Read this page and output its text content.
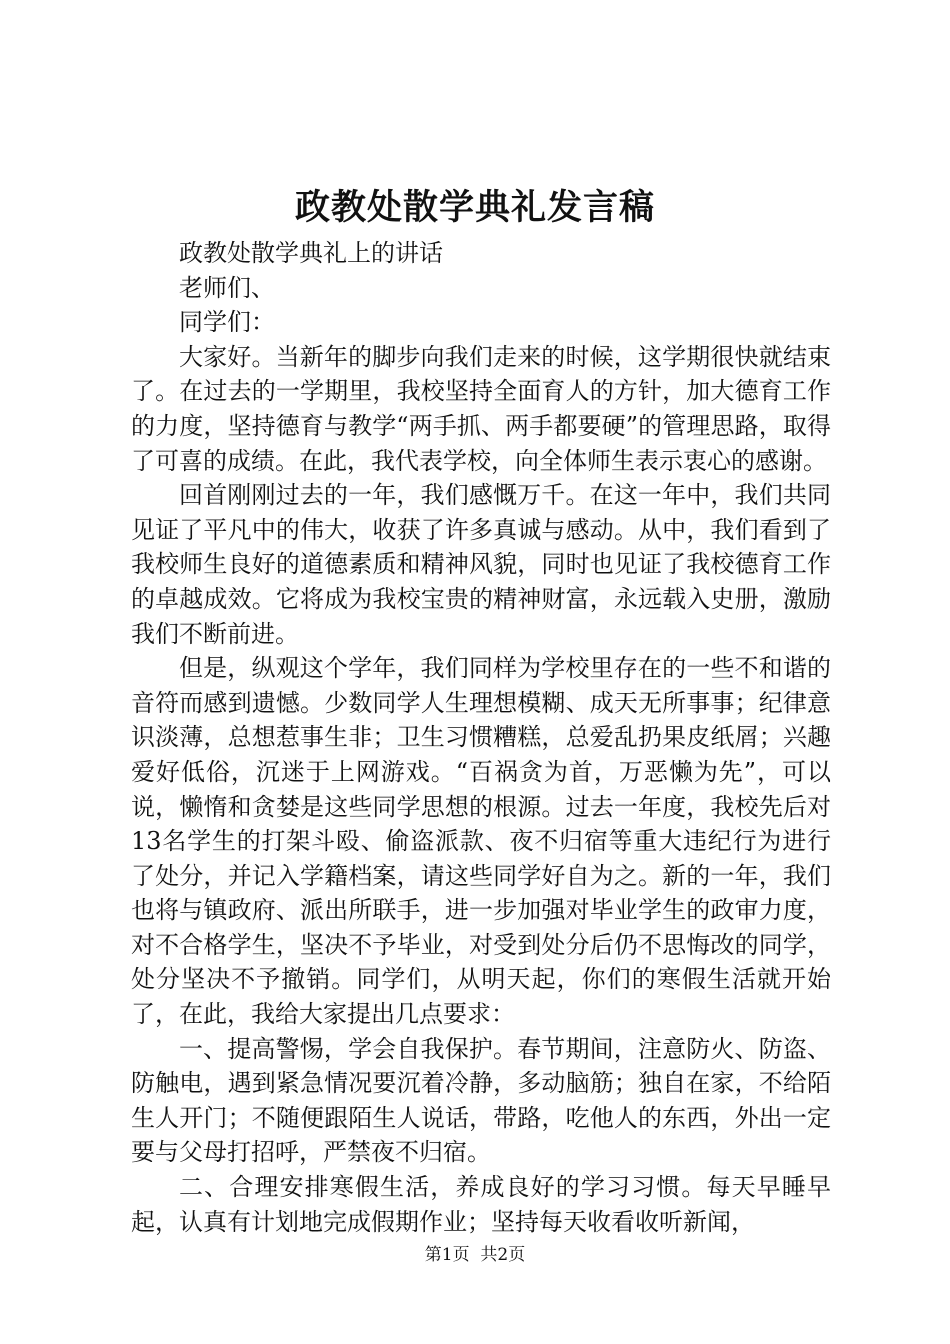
政教处散学典礼发言稿

政教处散学典礼上的讲话

老师们、

同学们：

大家好。当新年的脚步向我们走来的时候，这学期很快就结束了。在过去的一学期里，我校坚持全面育人的方针，加大德育工作的力度，坚持德育与教学“两手抓、两手都要硬”的管理思路，取得了可喜的成绩。在此，我代表学校，向全体师生表示衷心的感谢。

回首刚刚过去的一年，我们感慨万千。在这一年中，我们共同见证了平凡中的伟大，收获了许多真诚与感动。从中，我们看到了我校师生良好的道德素质和精神风貌，同时也见证了我校德育工作的卓越成效。它将成为我校宝贵的精神财富，永远载入史册，激励我们不断前进。

但是，纵观这个学年，我们同样为学校里存在的一些不和谐的音符而感到遗憾。少数同学人生理想模糊、成天无所事事；纪律意识淡薄，总想惹事生非；卫生习惯糟糕，总爱乱扔果皮纸屑；兴趣爱好低俗，沉迷于上网游戏。“百祸贪为首，万恶懒为先”，可以说，懒惰和贪婪是这些同学思想的根源。过去一年度，我校先后对13名学生的打架斗殴、偷盗派款、夜不归宿等重大违纪行为进行了处分，并记入学籍档案，请这些同学好自为之。新的一年，我们也将与镇政府、派出所联手，进一步加强对毕业学生的政审力度，对不合格学生，坚决不予毕业，对受到处分后仍不思悔改的同学，处分坚决不予撤销。同学们，从明天起，你们的寒假生活就开始了，在此，我给大家提出几点要求：

一、提高警惕，学会自我保护。春节期间，注意防火、防盗、防触电，遇到紧急情况要沉着冷静，多动脑筋；独自在家，不给陌生人开门；不随便跟陌生人说话，带路，吃他人的东西，外出一定要与父母打招呼，严禁夜不归宿。

二、合理安排寒假生活，养成良好的学习习惯。每天早睡早起，认真有计划地完成假期作业；坚持每天收看收听新闻，

第1页 共2页
